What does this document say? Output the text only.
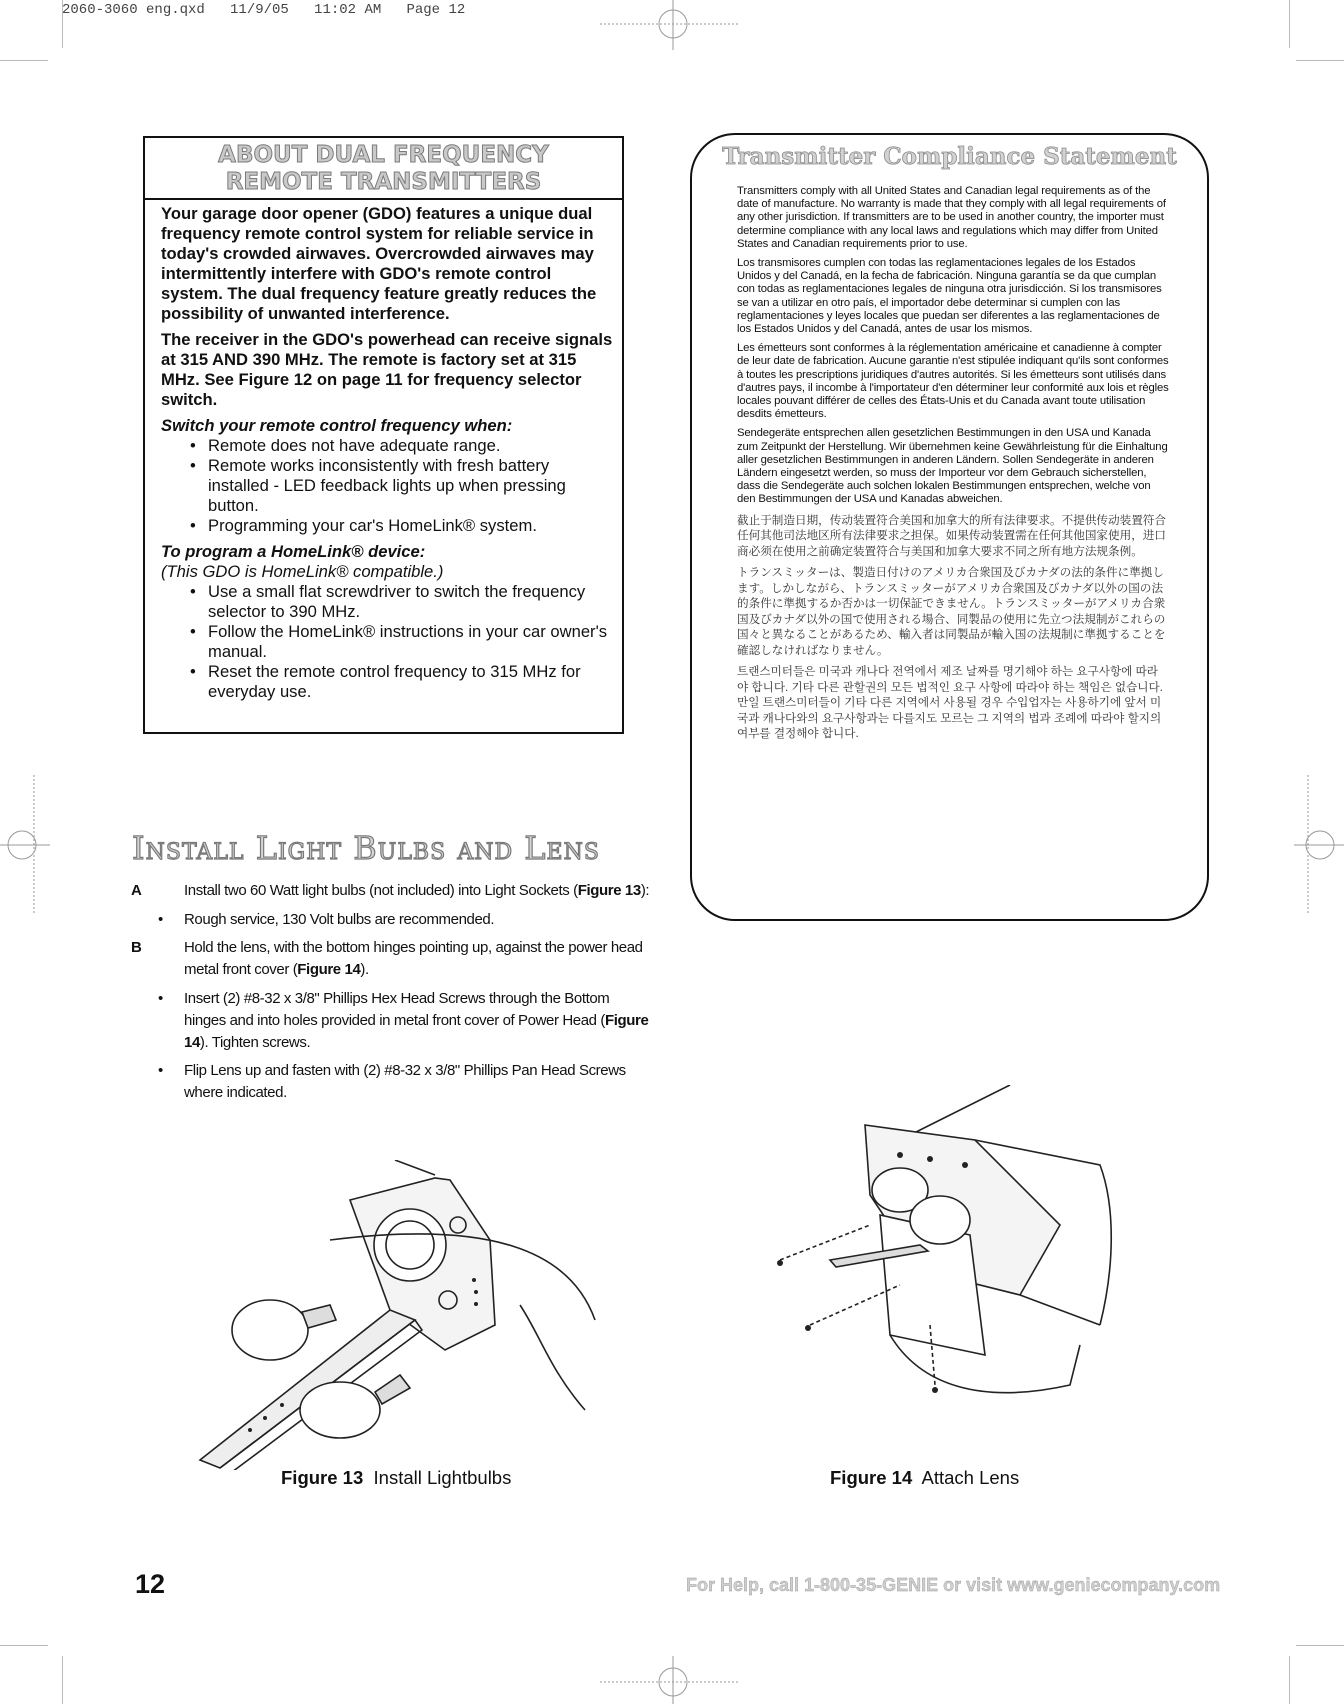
2060-3060 eng.qxd   11/9/05   11:02 AM   Page 12
ABOUT DUAL FREQUENCY
REMOTE TRANSMITTERS

Your garage door opener (GDO) features a unique dual frequency remote control system for reliable service in today's crowded airwaves. Overcrowded airwaves may intermittently interfere with GDO's remote control system. The dual frequency feature greatly reduces the possibility of unwanted interference.

The receiver in the GDO's powerhead can receive signals at 315 AND 390 MHz. The remote is factory set at 315 MHz. See Figure 12 on page 11 for frequency selector switch.

Switch your remote control frequency when:
• Remote does not have adequate range.
• Remote works inconsistently with fresh battery installed - LED feedback lights up when pressing button.
• Programming your car's HomeLink® system.
To program a HomeLink® device:
(This GDO is HomeLink® compatible.)
• Use a small flat screwdriver to switch the frequency selector to 390 MHz.
• Follow the HomeLink® instructions in your car owner's manual.
• Reset the remote control frequency to 315 MHz for everyday use.
Transmitter Compliance Statement

Transmitters comply with all United States and Canadian legal requirements as of the date of manufacture. No warranty is made that they comply with all legal requirements of any other jurisdiction. If transmitters are to be used in another country, the importer must determine compliance with any local laws and regulations which may differ from United States and Canadian requirements prior to use.

Los transmisores cumplen con todas las reglamentaciones legales de los Estados Unidos y del Canadá, en la fecha de fabricación. Ninguna garantía se da que cumplan con todas as reglamentaciones legales de ninguna otra jurisdicción. Si los transmisores se van a utilizar en otro país, el importador debe determinar si cumplen con las reglamentaciones y leyes locales que puedan ser diferentes a las reglamentaciones de los Estados Unidos y del Canadá, antes de usar los mismos.

Les émetteurs sont conformes à la réglementation américaine et canadienne à compter de leur date de fabrication. Aucune garantie n'est stipulée indiquant qu'ils sont conformes à toutes les prescriptions juridiques d'autres autorités. Si les émetteurs sont utilisés dans d'autres pays, il incombe à l'importateur d'en déterminer leur conformité aux lois et règles locales pouvant différer de celles des États-Unis et du Canada avant toute utilisation desdits émetteurs.

Sendegeräte entsprechen allen gesetzlichen Bestimmungen in den USA und Kanada zum Zeitpunkt der Herstellung. Wir übernehmen keine Gewährleistung für die Einhaltung aller gesetzlichen Bestimmungen in anderen Ländern. Sollen Sendegeräte in anderen Ländern eingesetzt werden, so muss der Importeur vor dem Gebrauch sicherstellen, dass die Sendegeräte auch solchen lokalen Bestimmungen entsprechen, welche von den Bestimmungen der USA und Kanadas abweichen.

截止于制造日期，传动装置符合美国和加拿大的所有法律要求。不提供传动装置符合任何其他司法地区所有法律要求之担保。如果传动装置需在任何其他国家使用，进口商必须在使用之前确定装置符合与美国和加拿大要求不同之所有地方法规条例。

トランスミッターは、製造日付けのアメリカ合衆国及びカナダの法的条件に準拠します。しかしながら、トランスミッターがアメリカ合衆国及びカナダ以外の国の法的条件に準拠するか否かは一切保証できません。トランスミッターがアメリカ合衆国及びカナダ以外の国で使用される場合、同製品の使用に先立つ法規制がこれらの国々と異なることがあるため、輸入者は同製品が輸入国の法規制に準拠することを確認しなければなりません。

트랜스미터들은 미국과 캐나다 전역에서 제조 날짜를 명기해야 하는 요구사항에 따라야 합니다. 기타 다른 관할권의 모든 법적인 요구 사항에 따라야 하는 책임은 없습니다. 만일 트랜스미터들이 기타 다른 지역에서 사용될 경우 수입업자는 사용하기에 앞서 미국과 캐나다와의 요구사항과는 다를지도 모르는 그 지역의 법과 조례에 따라야 할지의 여부를 결정해야 합니다.

Install Light Bulbs and Lens
A	Install two 60 Watt light bulbs (not included) into Light Sockets (Figure 13):
• Rough service, 130 Volt bulbs are recommended.
B	Hold the lens, with the bottom hinges pointing up, against the power head metal front cover (Figure 14).
• Insert (2) #8-32 x 3/8" Phillips Hex Head Screws through the Bottom hinges and into holes provided in metal front cover of Power Head (Figure 14). Tighten screws.
• Flip Lens up and fasten with (2) #8-32 x 3/8" Phillips Pan Head Screws where indicated.
Figure 13 Install Lightbulbs	Figure 14 Attach Lens
12	For Help, call 1-800-35-GENIE or visit www.geniecompany.com
